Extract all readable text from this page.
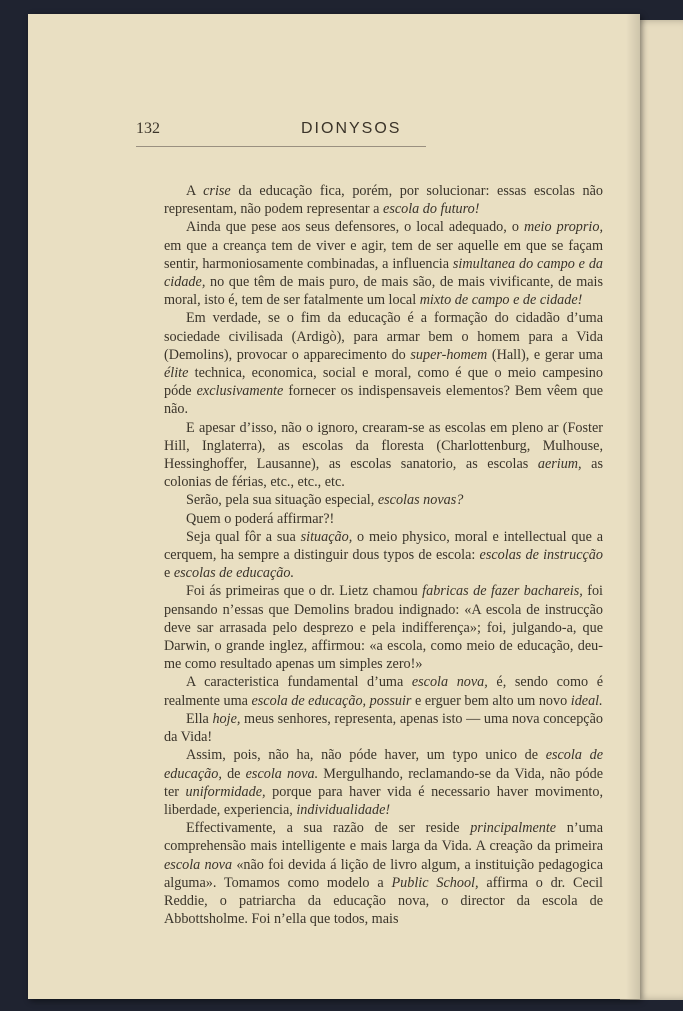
132	DIONYSOS

A crise da educação fica, porém, por solucionar: essas escolas não representam, não podem representar a escola do futuro!

Ainda que pese aos seus defensores, o local adequado, o meio proprio, em que a creança tem de viver e agir, tem de ser aquelle em que se façam sentir, harmoniosamente combinadas, a influencia simultanea do campo e da cidade, no que têm de mais puro, de mais são, de mais vivificante, de mais moral, isto é, tem de ser fatalmente um local mixto de campo e de cidade!

Em verdade, se o fim da educação é a formação do cidadão d’uma sociedade civilisada (Ardigò), para armar bem o homem para a Vida (Demolins), provocar o apparecimento do super-homem (Hall), e gerar uma élite technica, economica, social e moral, como é que o meio campesino póde exclusivamente fornecer os indispensaveis elementos? Bem vêem que não.

E apesar d’isso, não o ignoro, crearam-se as escolas em pleno ar (Foster Hill, Inglaterra), as escolas da floresta (Charlottenburg, Mulhouse, Hessinghoffer, Lausanne), as escolas sanatorio, as escolas aerium, as colonias de férias, etc., etc., etc.

Serão, pela sua situação especial, escolas novas?

Quem o poderá affirmar?!

Seja qual fôr a sua situação, o meio physico, moral e intellectual que a cerquem, ha sempre a distinguir dous typos de escola: escolas de instrucção e escolas de educação.

Foi ás primeiras que o dr. Lietz chamou fabricas de fazer bachareis, foi pensando n’essas que Demolins bradou indignado: «A escola de instrucção deve sar arrasada pelo desprezo e pela indifferença»; foi, julgando-a, que Darwin, o grande inglez, affirmou: «a escola, como meio de educação, deu-me como resultado apenas um simples zero!»

A caracteristica fundamental d’uma escola nova, é, sendo como é realmente uma escola de educação, possuir e erguer bem alto um novo ideal.

Ella hoje, meus senhores, representa, apenas isto — uma nova concepção da Vida!

Assim, pois, não ha, não póde haver, um typo unico de escola de educação, de escola nova. Mergulhando, reclamando-se da Vida, não póde ter uniformidade, porque para haver vida é necessario haver movimento, liberdade, experiencia, individualidade!

Effectivamente, a sua razão de ser reside principalmente n’uma comprehensão mais intelligente e mais larga da Vida. A creação da primeira escola nova «não foi devida á lição de livro algum, a instituição pedagogica alguma». Tomamos como modelo a Public School, affirma o dr. Cecil Reddie, o patriarcha da educação nova, o director da escola de Abbottsholme. Foi n’ella que todos, mais
